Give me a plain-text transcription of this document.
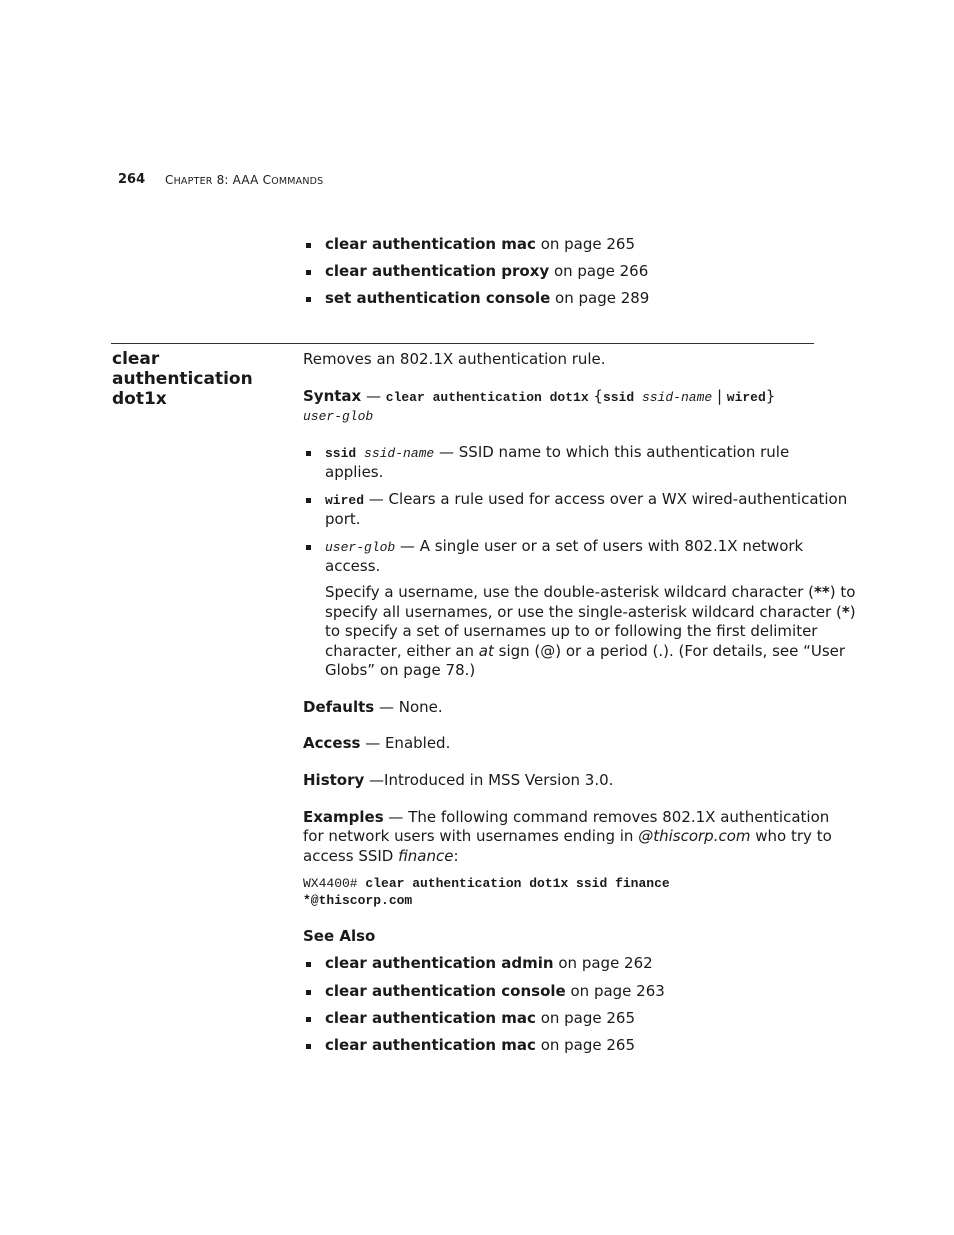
264 CHAPTER 8: AAA COMMANDS
clear authentication mac on page 265
clear authentication proxy on page 266
set authentication console on page 289
clear authentication
dot1x
Removes an 802.1X authentication rule.
Syntax — clear authentication dot1x {ssid ssid-name | wired}
user-glob
ssid ssid-name — SSID name to which this authentication rule
applies.
wired — Clears a rule used for access over a WX wired-authentication
port.
user-glob — A single user or a set of users with 802.1X network
access.
Specify a username, use the double-asterisk wildcard character (**) to
specify all usernames, or use the single-asterisk wildcard character (*)
to specify a set of usernames up to or following the first delimiter
character, either an at sign (@) or a period (.). (For details, see “User
Globs” on page 78.)
Defaults — None.
Access — Enabled.
History —Introduced in MSS Version 3.0.
Examples — The following command removes 802.1X authentication
for network users with usernames ending in @thiscorp.com who try to
access SSID finance:
WX4400# clear authentication dot1x ssid finance
*@thiscorp.com
See Also
clear authentication admin on page 262
clear authentication console on page 263
clear authentication mac on page 265
clear authentication mac on page 265
